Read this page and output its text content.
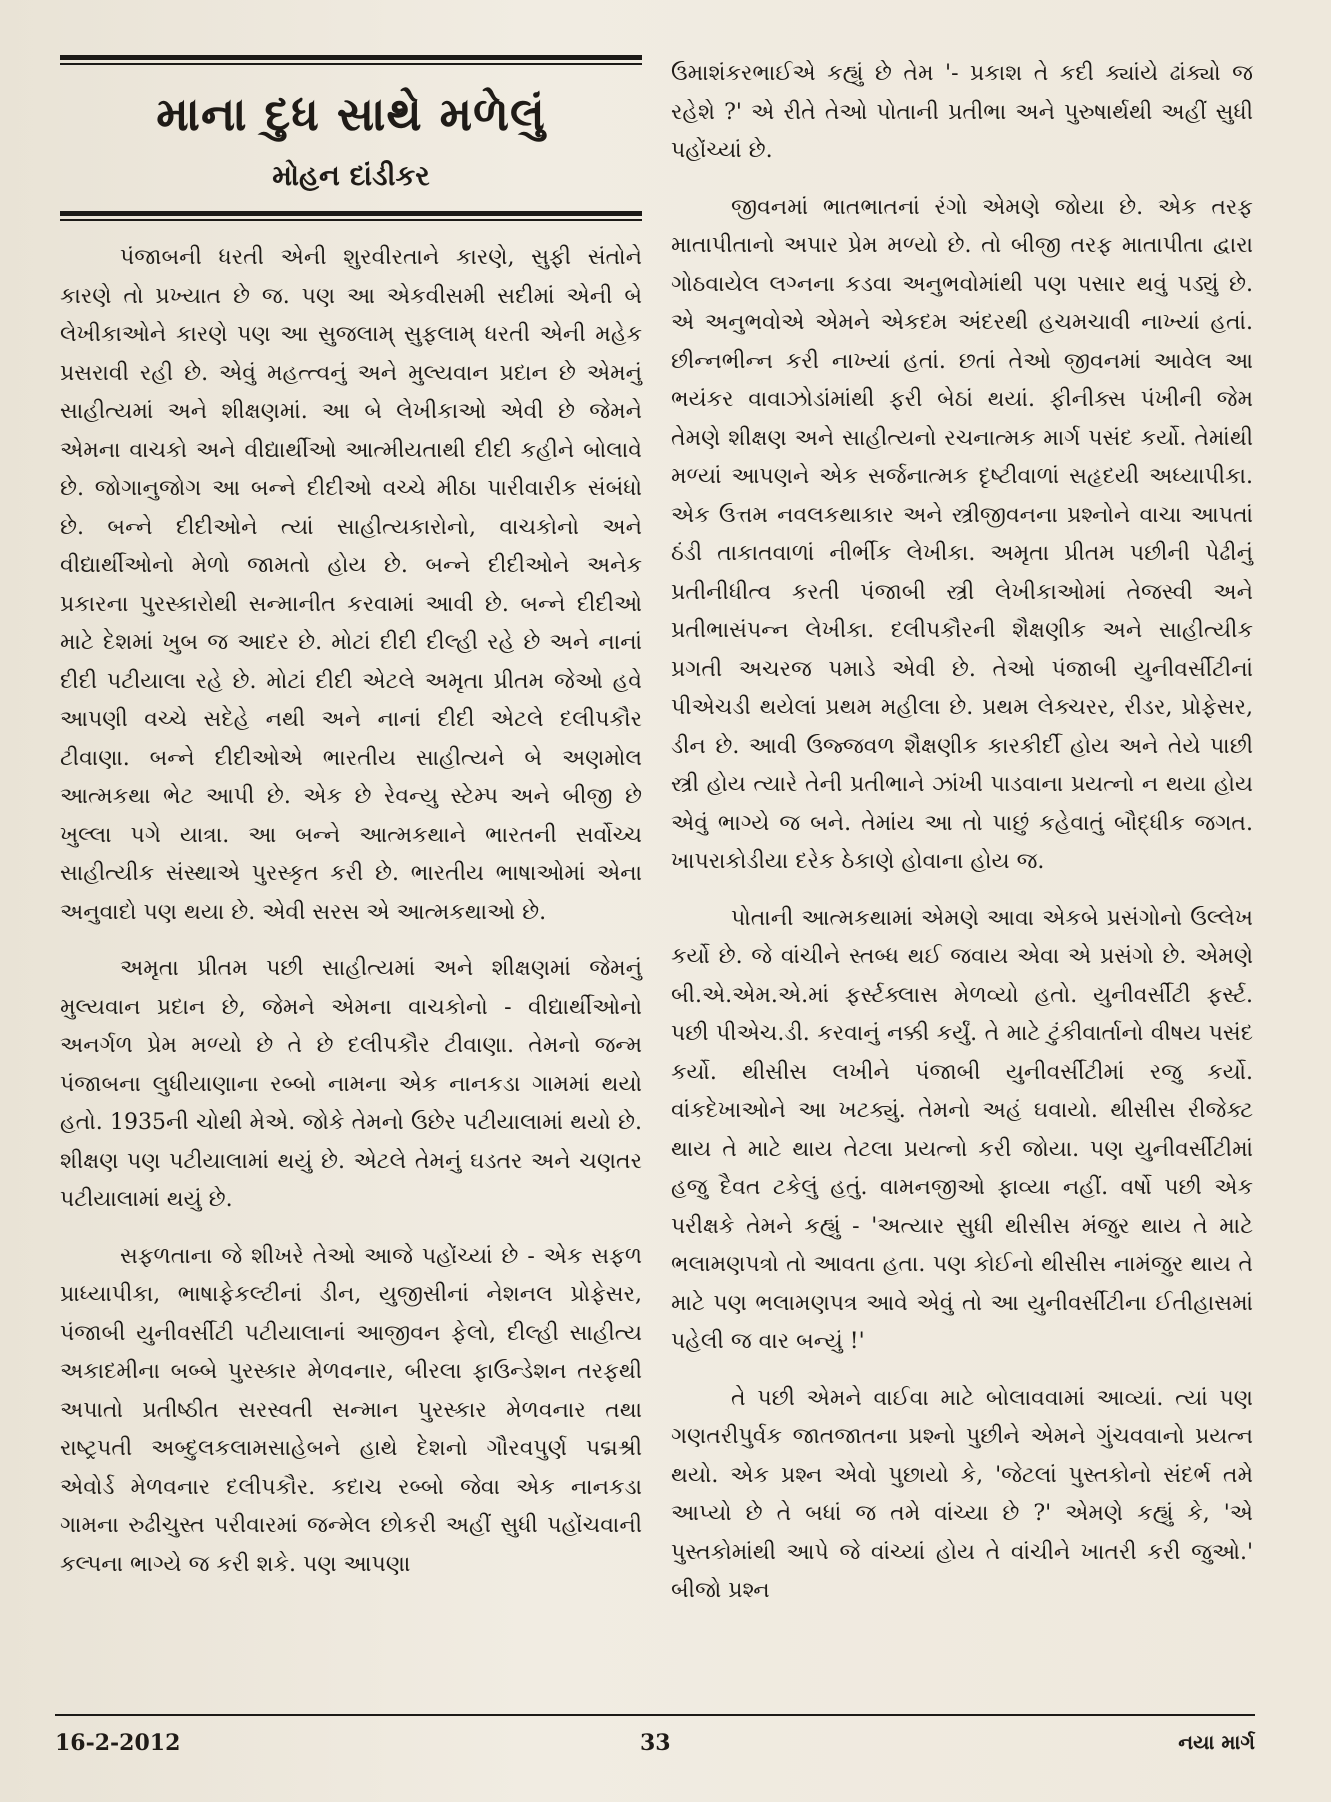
માના દુધ સાથે મળેલું
મોહન દાંડીકર

પંજાબની ધરતી એની શુરવીરતાને કારણે, સુફી સંતોને કારણે તો પ્રખ્યાત છે જ. પણ આ એકવીસમી સદીમાં એની બે લેખીકાઓને કારણે પણ આ સુજલામ્ સુફલામ્ ધરતી એની મહેક પ્રસરાવી રહી છે. એવું મહત્ત્વનું અને મુલ્યવાન પ્રદાન છે એમનું સાહીત્યમાં અને શીક્ષણમાં. આ બે લેખીકાઓ એવી છે જેમને એમના વાચકો અને વીદ્યાર્થીઓ આત્મીયતાથી દીદી કહીને બોલાવે છે. જોગાનુજોગ આ બન્ને દીદીઓ વચ્ચે મીઠા પારીવારીક સંબંધો છે. બન્ને દીદીઓને ત્યાં સાહીત્યકારોનો, વાચકોનો અને વીદ્યાર્થીઓનો મેળો જામતો હોય છે. બન્ને દીદીઓને અનેક પ્રકારના પુરસ્કારોથી સન્માનીત કરવામાં આવી છે. બન્ને દીદીઓ માટે દેશમાં ખુબ જ આદર છે. મોટાં દીદી દીલ્હી રહે છે અને નાનાં દીદી પટીયાલા રહે છે. મોટાં દીદી એટલે અમૃતા પ્રીતમ જેઓ હવે આપણી વચ્ચે સદેહે નથી અને નાનાં દીદી એટલે દલીપકૌર ટીવાણા. બન્ને દીદીઓએ ભારતીય સાહીત્યને બે અણમોલ આત્મકથા ભેટ આપી છે. એક છે રેવન્યુ સ્ટેમ્પ અને બીજી છે ખુલ્લા પગે યાત્રા. આ બન્ને આત્મકથાને ભારતની સર્વોચ્ચ સાહીત્યીક સંસ્થાએ પુરસ્કૃત કરી છે. ભારતીય ભાષાઓમાં એના અનુવાદો પણ થયા છે. એવી સરસ એ આત્મકથાઓ છે.

અમૃતા પ્રીતમ પછી સાહીત્યમાં અને શીક્ષણમાં જેમનું મુલ્યવાન પ્રદાન છે, જેમને એમના વાચકોનો - વીદ્યાર્થીઓનો અનર્ગળ પ્રેમ મળ્યો છે તે છે દલીપકૌર ટીવાણા. તેમનો જન્મ પંજાબના લુધીયાણાના રબ્બો નામના એક નાનકડા ગામમાં થયો હતો. 1935ની ચોથી મેએ. જોકે તેમનો ઉછેર પટીયાલામાં થયો છે. શીક્ષણ પણ પટીયાલામાં થયું છે. એટલે તેમનું ઘડતર અને ચણતર પટીયાલામાં થયું છે.

સફળતાના જે શીખરે તેઓ આજે પહોંચ્યાં છે - એક સફળ પ્રાધ્યાપીકા, ભાષાફેકલ્ટીનાં ડીન, યુજીસીનાં નેશનલ પ્રોફેસર, પંજાબી યુનીવર્સીટી પટીયાલાનાં આજીવન ફેલો, દીલ્હી સાહીત્ય અકાદમીના બબ્બે પુરસ્કાર મેળવનાર, બીરલા ફાઉન્ડેશન તરફથી અપાતો પ્રતીષ્ઠીત સરસ્વતી સન્માન પુરસ્કાર મેળવનાર તથા રાષ્ટ્રપતી અબ્દુલકલામસાહેબને હાથે દેશનો ગૌરવપુર્ણ પદ્મશ્રી એવોર્ડ મેળવનાર દલીપકૌર. કદાચ રબ્બો જેવા એક નાનકડા ગામના રુઢીચુસ્ત પરીવારમાં જન્મેલ છોકરી અહીં સુધી પહોંચવાની કલ્પના ભાગ્યે જ કરી શકે. પણ આપણા

ઉમાશંકરભાઈએ કહ્યું છે તેમ '- પ્રકાશ તે કદી ક્યાંયે ઢાંક્યો જ રહેશે ?' એ રીતે તેઓ પોતાની પ્રતીભા અને પુરુષાર્થથી અહીં સુધી પહોંચ્યાં છે.

જીવનમાં ભાતભાતનાં રંગો એમણે જોયા છે. એક તરફ માતાપીતાનો અપાર પ્રેમ મળ્યો છે. તો બીજી તરફ માતાપીતા દ્વારા ગોઠવાયેલ લગ્નના કડવા અનુભવોમાંથી પણ પસાર થવું પડ્યું છે. એ અનુભવોએ એમને એકદમ અંદરથી હચમચાવી નાખ્યાં હતાં. છીન્નભીન્ન કરી નાખ્યાં હતાં. છતાં તેઓ જીવનમાં આવેલ આ ભયંકર વાવાઝોડાંમાંથી ફરી બેઠાં થયાં. ફીનીક્સ પંખીની જેમ તેમણે શીક્ષણ અને સાહીત્યનો રચનાત્મક માર્ગ પસંદ કર્યો. તેમાંથી મળ્યાં આપણને એક સર્જનાત્મક દૃષ્ટીવાળાં સહૃદયી અધ્યાપીકા. એક ઉત્તમ નવલકથાકાર અને સ્ત્રીજીવનના પ્રશ્નોને વાચા આપતાં ઠંડી તાકાતવાળાં નીર્ભીક લેખીકા. અમૃતા પ્રીતમ પછીની પેઢીનું પ્રતીનીધીત્વ કરતી પંજાબી સ્ત્રી લેખીકાઓમાં તેજસ્વી અને પ્રતીભાસંપન્ન લેખીકા. દલીપકૌરની શૈક્ષણીક અને સાહીત્યીક પ્રગતી અચરજ પમાડે એવી છે. તેઓ પંજાબી યુનીવર્સીટીનાં પીએચડી થયેલાં પ્રથમ મહીલા છે. પ્રથમ લેક્ચરર, રીડર, પ્રોફેસર, ડીન છે. આવી ઉજ્જવળ શૈક્ષણીક કારકીર્દી હોય અને તેયે પાછી સ્ત્રી હોય ત્યારે તેની પ્રતીભાને ઝાંખી પાડવાના પ્રયત્નો ન થયા હોય એવું ભાગ્યે જ બને. તેમાંય આ તો પાછું કહેવાતું બૌદ્ધીક જગત. ખાપરાકોડીયા દરેક ઠેકાણે હોવાના હોય જ.

પોતાની આત્મકથામાં એમણે આવા એકબે પ્રસંગોનો ઉલ્લેખ કર્યો છે. જે વાંચીને સ્તબ્ધ થઈ જવાય એવા એ પ્રસંગો છે. એમણે બી.એ.એમ.એ.માં ફર્સ્ટક્લાસ મેળવ્યો હતો. યુનીવર્સીટી ફર્સ્ટ. પછી પીએચ.ડી. કરવાનું નક્કી કર્યું. તે માટે ટુંકીવાર્તાનો વીષય પસંદ કર્યો. થીસીસ લખીને પંજાબી યુનીવર્સીટીમાં રજુ કર્યો. વાંકદેખાઓને આ ખટક્યું. તેમનો અહં ઘવાયો. થીસીસ રીજેક્ટ થાય તે માટે થાય તેટલા પ્રયત્નો કરી જોયા. પણ યુનીવર્સીટીમાં હજુ દૈવત ટકેલું હતું. વામનજીઓ ફાવ્યા નહીં. વર્ષો પછી એક પરીક્ષકે તેમને કહ્યું - 'અત્યાર સુધી થીસીસ મંજુર થાય તે માટે ભલામણપત્રો તો આવતા હતા. પણ કોઈનો થીસીસ નામંજુર થાય તે માટે પણ ભલામણપત્ર આવે એવું તો આ યુનીવર્સીટીના ઈતીહાસમાં પહેલી જ વાર બન્યું !'

તે પછી એમને વાઈવા માટે બોલાવવામાં આવ્યાં. ત્યાં પણ ગણતરીપુર્વક જાતજાતના પ્રશ્નો પુછીને એમને ગુંચવવાનો પ્રયત્ન થયો. એક પ્રશ્ન એવો પુછાયો કે, 'જેટલાં પુસ્તકોનો સંદર્ભ તમે આપ્યો છે તે બધાં જ તમે વાંચ્યા છે ?' એમણે કહ્યું કે, 'એ પુસ્તકોમાંથી આપે જે વાંચ્યાં હોય તે વાંચીને ખાતરી કરી જુઓ.' બીજો પ્રશ્ન

16-2-2012	33	નયા માર્ગ
